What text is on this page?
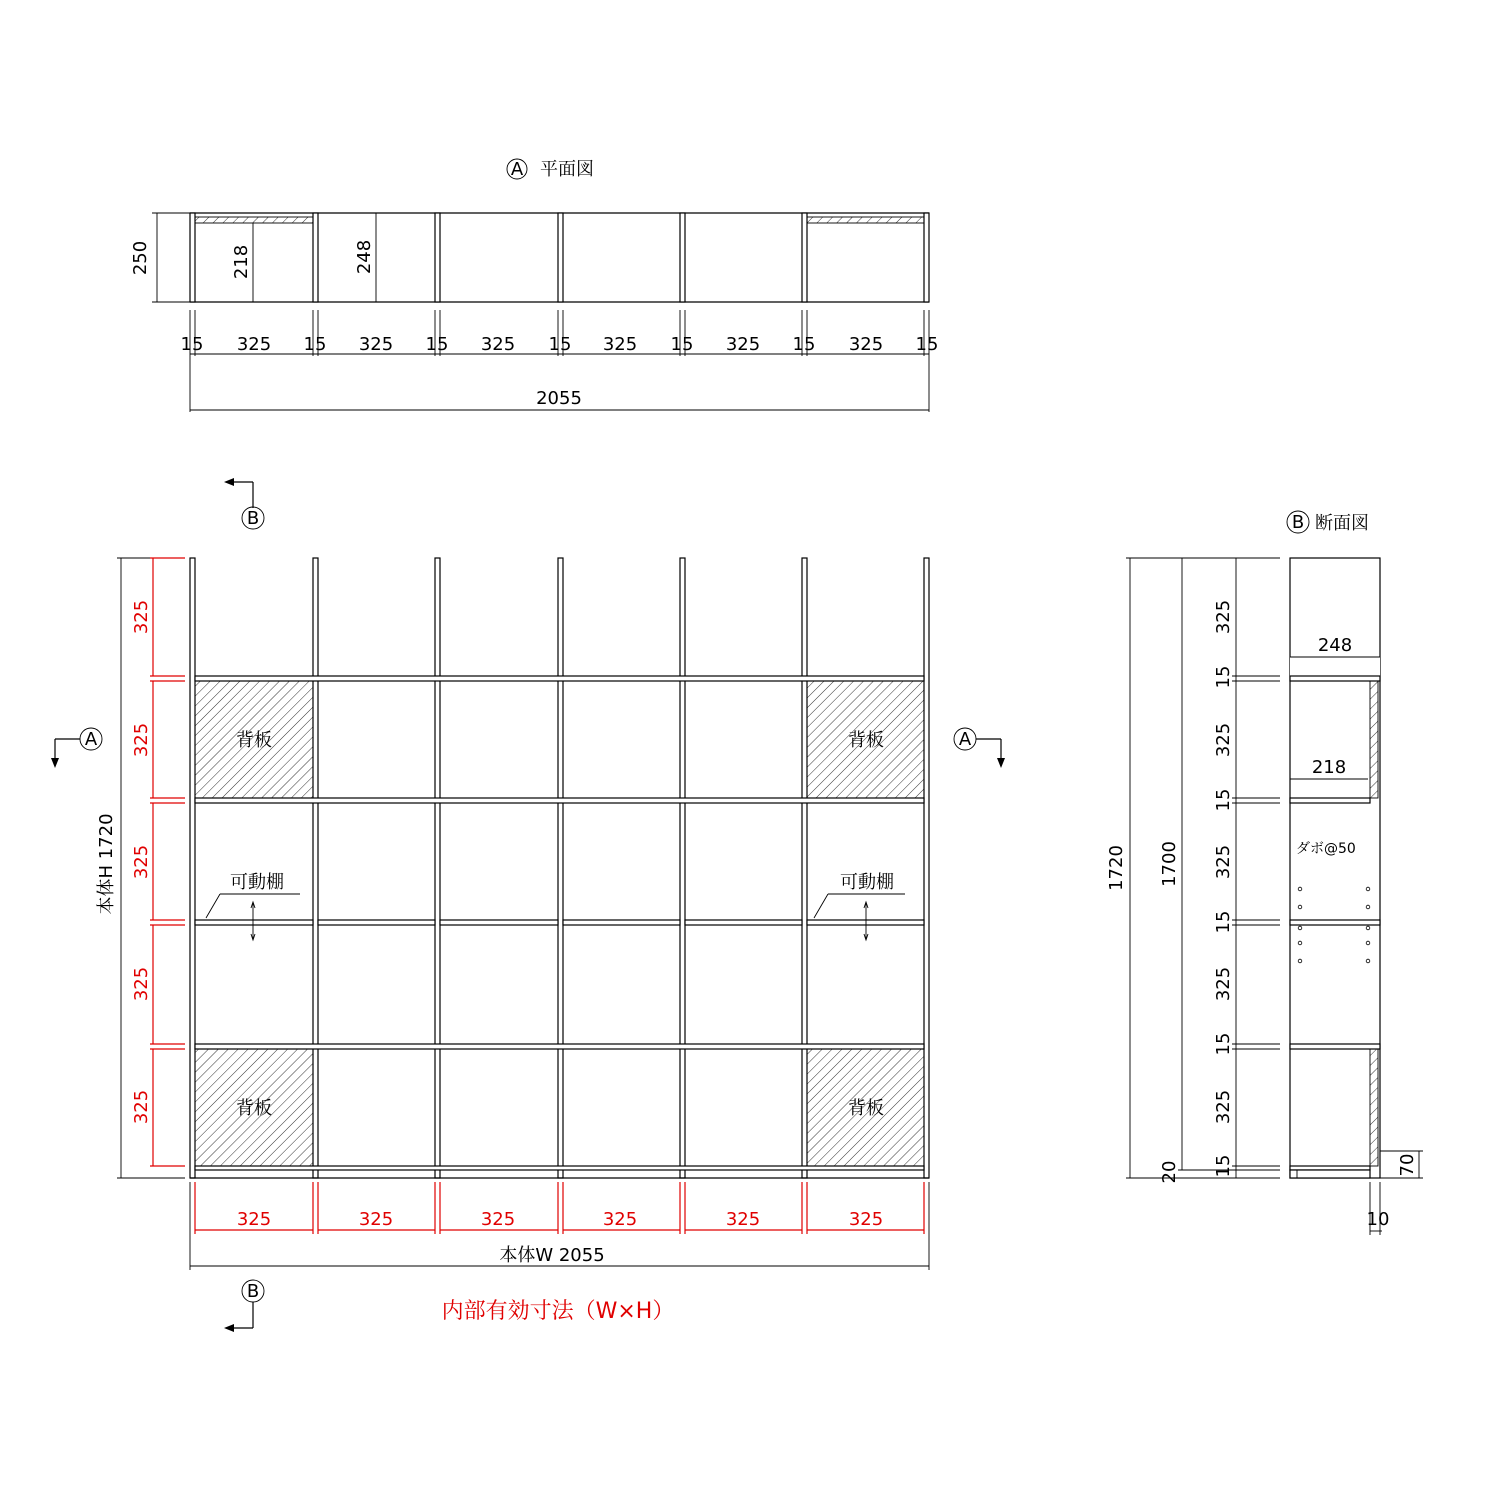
A 平面図
218	248
250
15 325 15 325 15 325 15 325 15 325 15 325 15
2055
B
B
A	A
背板	背板
背板	背板
可動棚	可動棚
本体H 1720
325
325
325
325
325
325	325	325	325	325	325
本体W 2055
内部有効寸法（W×H）
B 断面図
1720 1700
20
325
15
325
15
325
15
325
15
325
15
248
218
ダボ@50
70
10
